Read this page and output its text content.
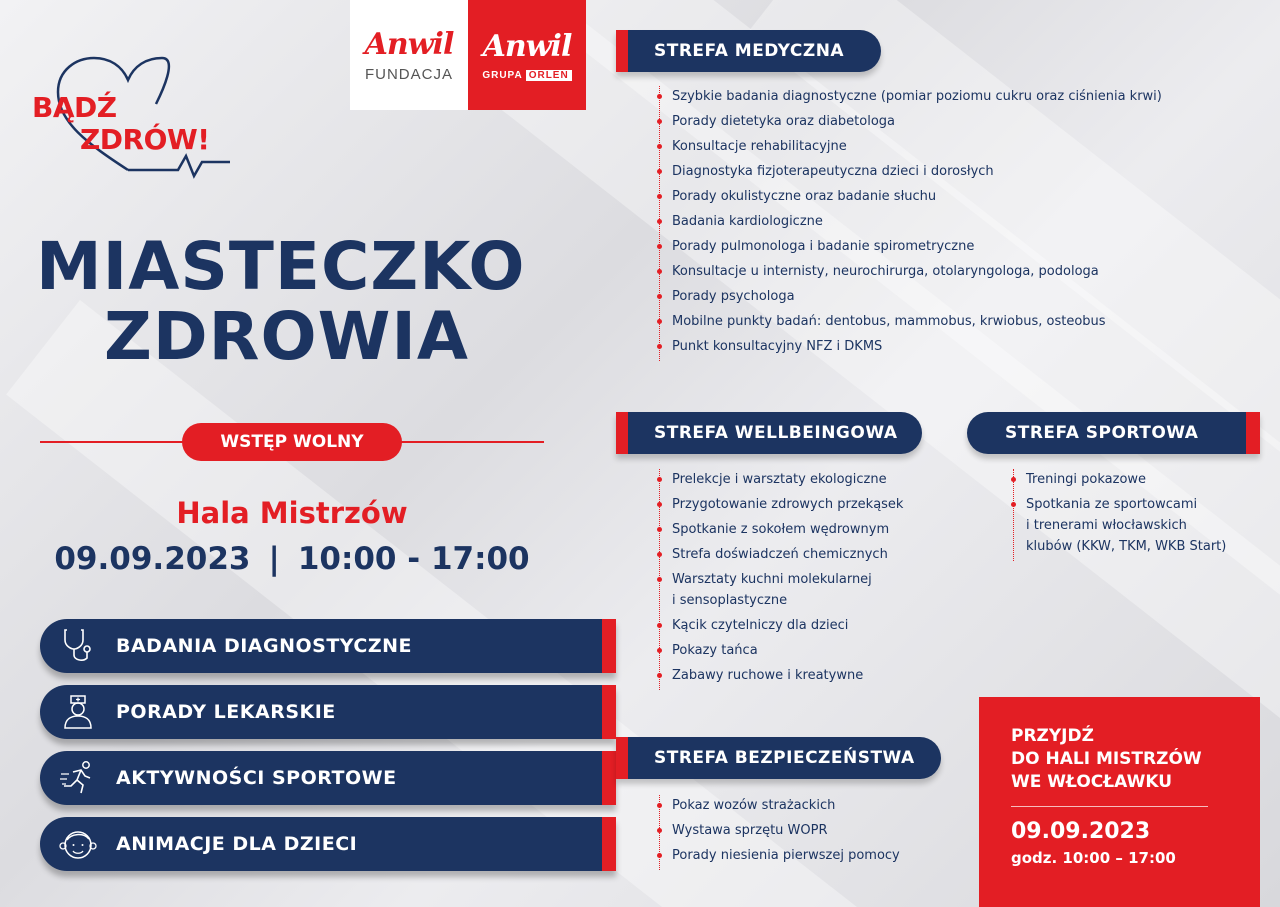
BĄDŹ
ZDRÓW!
Anwil
FUNDACJA
Anwil
GRUPA ORLEN
MIASTECZKO
ZDROWIA
WSTĘP WOLNY
Hala Mistrzów
09.09.2023 | 10:00 - 17:00
BADANIA DIAGNOSTYCZNE
PORADY LEKARSKIE
AKTYWNOŚCI SPORTOWE
ANIMACJE DLA DZIECI
STREFA MEDYCZNA
Szybkie badania diagnostyczne (pomiar poziomu cukru oraz ciśnienia krwi)
Porady dietetyka oraz diabetologa
Konsultacje rehabilitacyjne
Diagnostyka fizjoterapeutyczna dzieci i dorosłych
Porady okulistyczne oraz badanie słuchu
Badania kardiologiczne
Porady pulmonologa i badanie spirometryczne
Konsultacje u internisty, neurochirurga, otolaryngologa, podologa
Porady psychologa
Mobilne punkty badań: dentobus, mammobus, krwiobus, osteobus
Punkt konsultacyjny NFZ i DKMS
STREFA WELLBEINGOWA
Prelekcje i warsztaty ekologiczne
Przygotowanie zdrowych przekąsek
Spotkanie z sokołem wędrownym
Strefa doświadczeń chemicznych
Warsztaty kuchni molekularnej
i sensoplastyczne
Kącik czytelniczy dla dzieci
Pokazy tańca
Zabawy ruchowe i kreatywne
STREFA SPORTOWA
Treningi pokazowe
Spotkania ze sportowcami
i trenerami włocławskich
klubów (KKW, TKM, WKB Start)
STREFA BEZPIECZEŃSTWA
Pokaz wozów strażackich
Wystawa sprzętu WOPR
Porady niesienia pierwszej pomocy
PRZYJDŹ
DO HALI MISTRZÓW
WE WŁOCŁAWKU
09.09.2023
godz. 10:00 – 17:00
